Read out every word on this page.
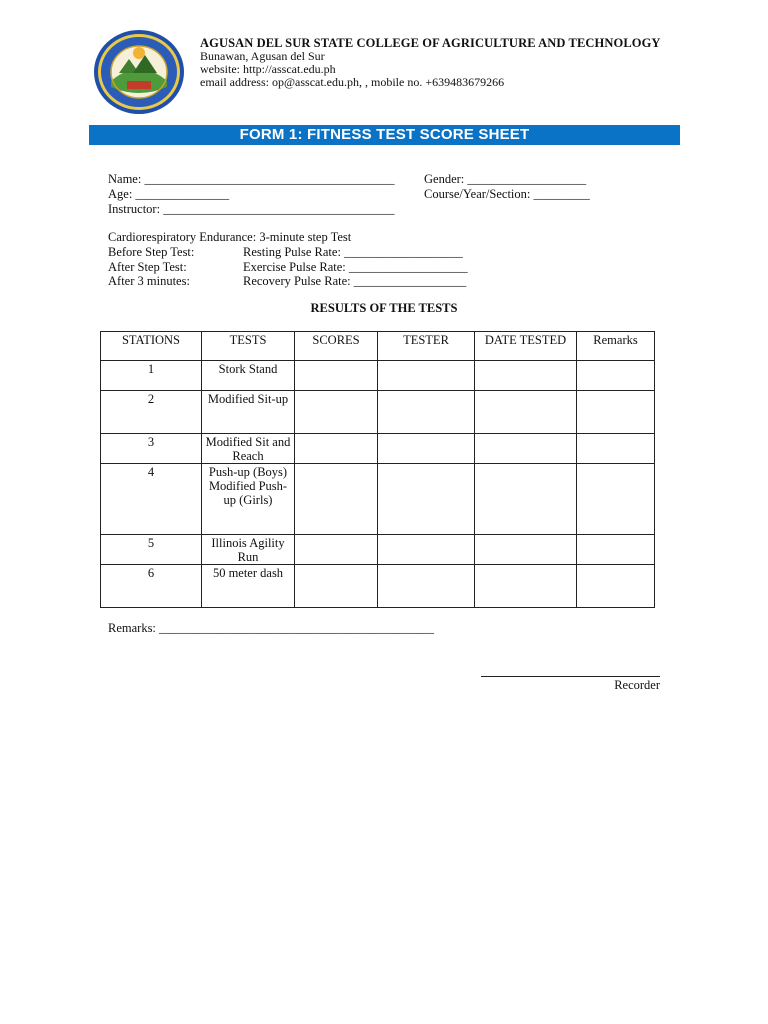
AGUSAN DEL SUR STATE COLLEGE OF AGRICULTURE AND TECHNOLOGY
Bunawan, Agusan del Sur
website: http://asscat.edu.ph
email address: op@asscat.edu.ph, , mobile no. +639483679266
FORM 1: FITNESS TEST SCORE SHEET
Name: ________________________________________ Gender: ___________________
Age: _______________	Course/Year/Section: _________
Instructor: _____________________________________
Cardiorespiratory Endurance: 3-minute step Test
Before Step Test:	Resting Pulse Rate: ___________________
After Step Test:	Exercise Pulse Rate: ___________________
After 3 minutes:	Recovery Pulse Rate: __________________
RESULTS OF THE TESTS
STATIONS	TESTS	SCORES	TESTER	DATE TESTED	Remarks
1	Stork Stand				
2	Modified Sit-up				
3	Modified Sit and Reach				
4	Push-up (Boys) Modified Push-up (Girls)				
5	Illinois Agility Run				
6	50 meter dash				
Remarks: ____________________________________________
Recorder
